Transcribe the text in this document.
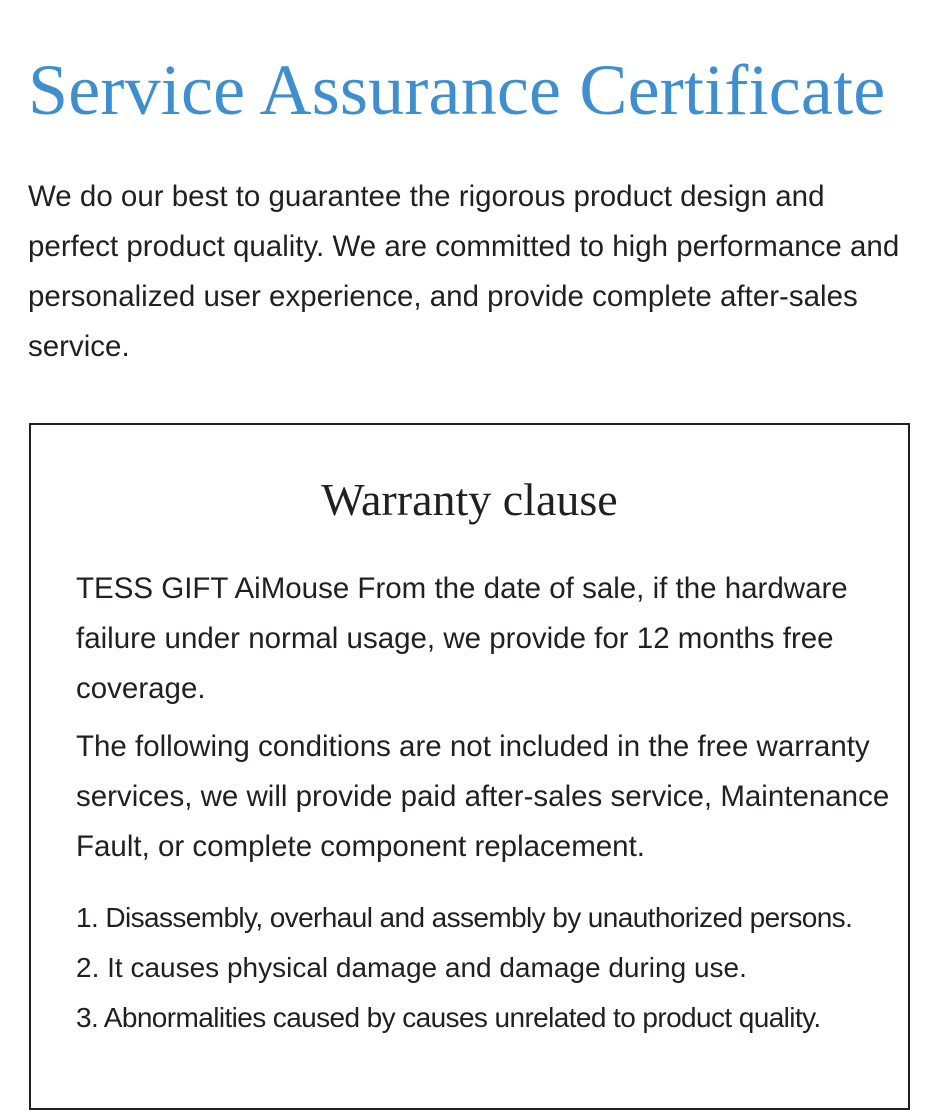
Service Assurance Certificate

We do our best to guarantee the rigorous product design and perfect product quality. We are committed to high performance and personalized user experience, and provide complete after-sales service.

Warranty clause

TESS GIFT AiMouse From the date of sale, if the hardware failure under normal usage, we provide for 12 months free coverage.

The following conditions are not included in the free warranty services, we will provide paid after-sales service, Maintenance Fault, or complete component replacement.

1. Disassembly, overhaul and assembly by unauthorized persons.
2. It causes physical damage and damage during use.
3. Abnormalities caused by causes unrelated to product quality.
